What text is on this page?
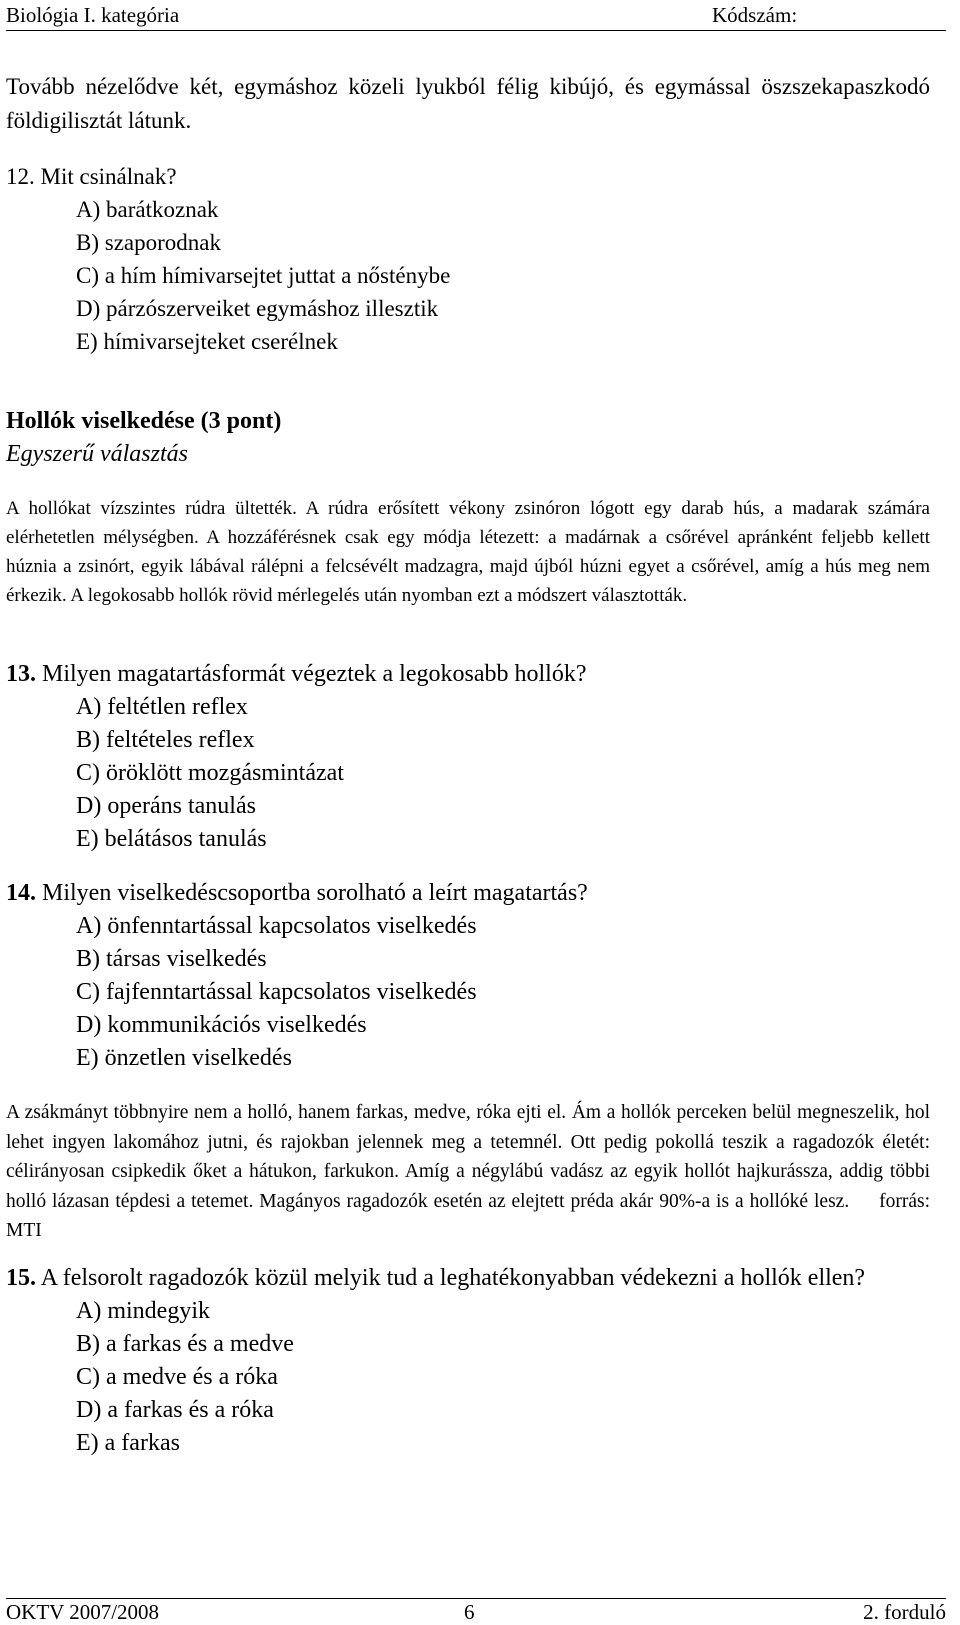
Biológia I. kategória	Kódszám:
Tovább nézelődve két, egymáshoz közeli lyukból félig kibújó, és egymással öszszekapaszkodó földigilisztát látunk.
12. Mit csinálnak?
A) barátkoznak
B) szaporodnak
C) a hím hímivarsejtet juttat a nősténybe
D) párzószerveiket egymáshoz illesztik
E) hímivarsejteket cserélnek
Hollók viselkedése (3 pont)
Egyszerű választás
A hollókat vízszintes rúdra ültették. A rúdra erősített vékony zsinóron lógott egy darab hús, a madarak számára elérhetetlen mélységben. A hozzáférésnek csak egy módja létezett: a madárnak a csőrével apránként feljebb kellett húznia a zsinórt, egyik lábával rálépni a felcsévélt madzagra, majd újból húzni egyet a csőrével, amíg a hús meg nem érkezik. A legokosabb hollók rövid mérlegelés után nyomban ezt a módszert választották.
13. Milyen magatartásformát végeztek a legokosabb hollók?
A) feltétlen reflex
B) feltételes reflex
C) öröklött mozgásmintázat
D) operáns tanulás
E) belátásos tanulás
14. Milyen viselkedéscsoportba sorolható a leírt magatartás?
A) önfenntartással kapcsolatos viselkedés
B) társas viselkedés
C) fajfenntartással kapcsolatos viselkedés
D) kommunikációs viselkedés
E) önzetlen viselkedés
A zsákmányt többnyire nem a holló, hanem farkas, medve, róka ejti el. Ám a hollók perceken belül megneszelik, hol lehet ingyen lakomához jutni, és rajokban jelennek meg a tetemnél. Ott pedig pokollá teszik a ragadozók életét: célirányosan csipkedik őket a hátukon, farkukon. Amíg a négylábú vadász az egyik hollót hajkurássza, addig többi holló lázasan tépdesi a tetemet. Magányos ragadozók esetén az elejtett préda akár 90%-a is a hollóké lesz. forrás: MTI
15. A felsorolt ragadozók közül melyik tud a leghatékonyabban védekezni a hollók ellen?
A) mindegyik
B) a farkas és a medve
C) a medve és a róka
D) a farkas és a róka
E) a farkas
OKTV 2007/2008	6	2. forduló
